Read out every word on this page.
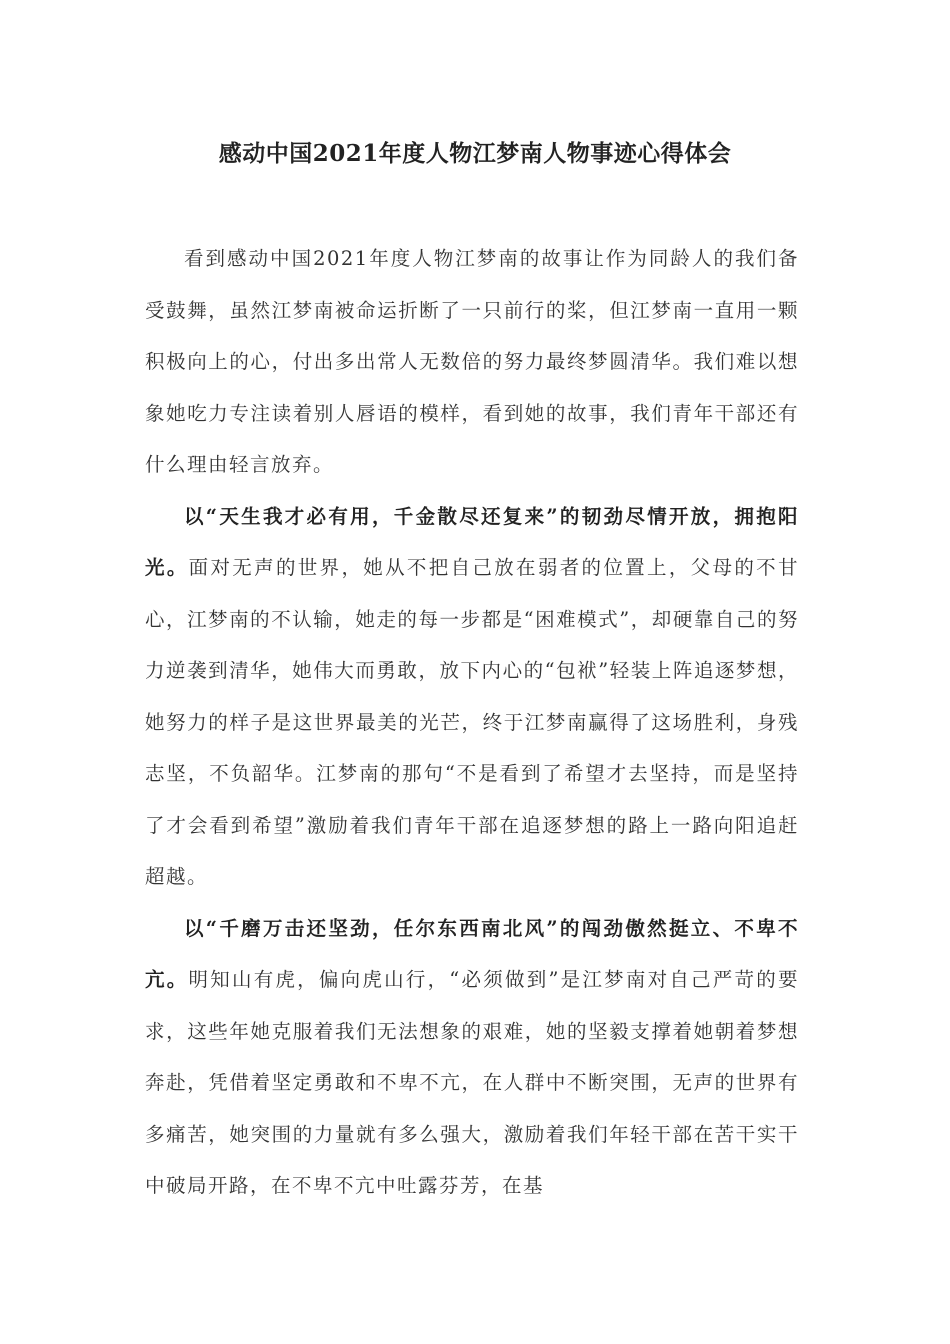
感动中国2021年度人物江梦南人物事迹心得体会

看到感动中国2021年度人物江梦南的故事让作为同龄人的我们备受鼓舞，虽然江梦南被命运折断了一只前行的桨，但江梦南一直用一颗积极向上的心，付出多出常人无数倍的努力最终梦圆清华。我们难以想象她吃力专注读着别人唇语的模样，看到她的故事，我们青年干部还有什么理由轻言放弃。

以“天生我才必有用，千金散尽还复来”的韧劲尽情开放，拥抱阳光。面对无声的世界，她从不把自己放在弱者的位置上，父母的不甘心，江梦南的不认输，她走的每一步都是“困难模式”，却硬靠自己的努力逆袭到清华，她伟大而勇敢，放下内心的“包袱”轻装上阵追逐梦想，她努力的样子是这世界最美的光芒，终于江梦南赢得了这场胜利，身残志坚，不负韶华。江梦南的那句“不是看到了希望才去坚持，而是坚持了才会看到希望”激励着我们青年干部在追逐梦想的路上一路向阳追赶超越。

以“千磨万击还坚劲，任尔东西南北风”的闯劲傲然挺立、不卑不亢。明知山有虎，偏向虎山行，“必须做到”是江梦南对自己严苛的要求，这些年她克服着我们无法想象的艰难，她的坚毅支撑着她朝着梦想奔赴，凭借着坚定勇敢和不卑不亢，在人群中不断突围，无声的世界有多痛苦，她突围的力量就有多么强大，激励着我们年轻干部在苦干实干中破局开路，在不卑不亢中吐露芬芳，在基
